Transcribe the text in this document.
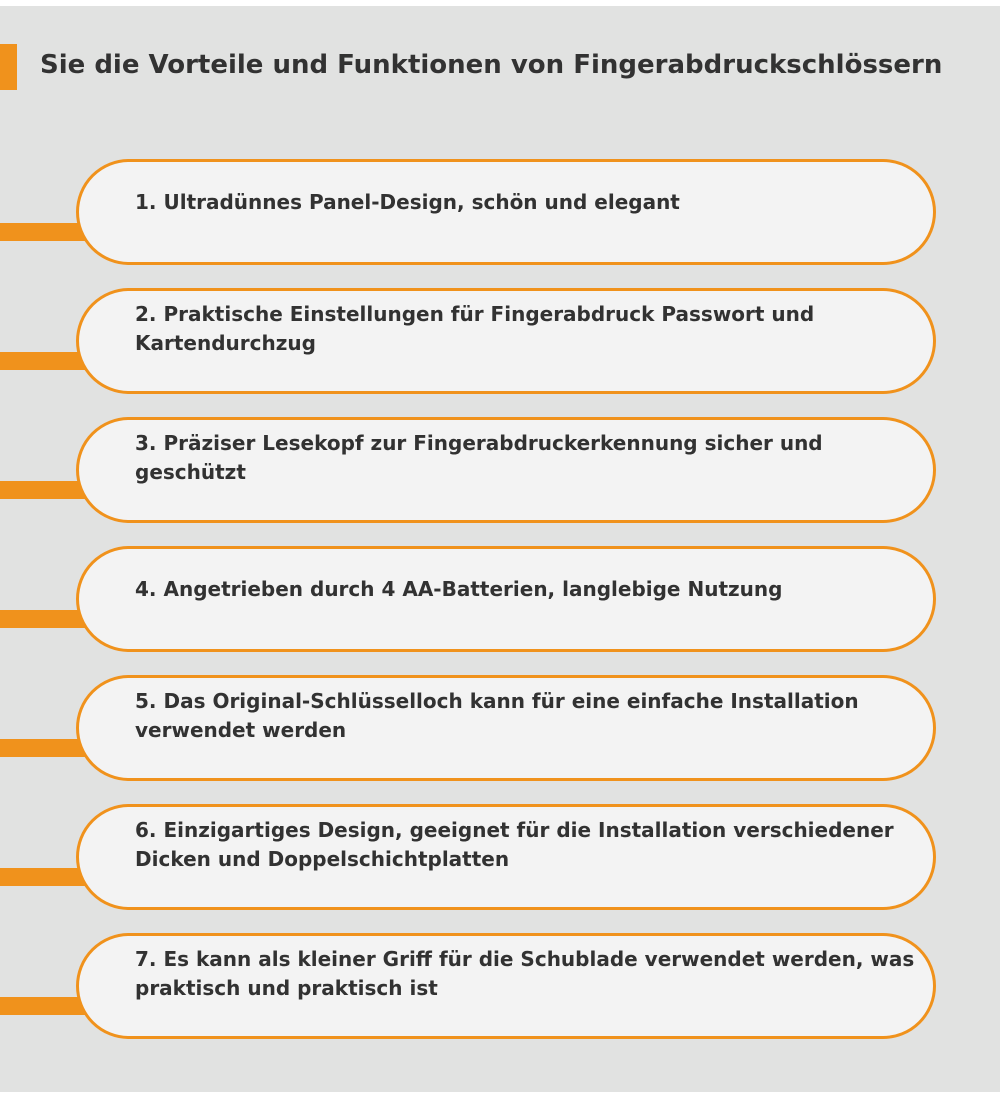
Sie die Vorteile und Funktionen von Fingerabdruckschlössern
1. Ultradünnes Panel-Design, schön und elegant
2. Praktische Einstellungen für Fingerabdruck Passwort und
Kartendurchzug
3. Präziser Lesekopf zur Fingerabdruckerkennung sicher und
geschützt
4. Angetrieben durch 4 AA-Batterien, langlebige Nutzung
5. Das Original-Schlüsselloch kann für eine einfache Installation
verwendet werden
6. Einzigartiges Design, geeignet für die Installation verschiedener
Dicken und Doppelschichtplatten
7. Es kann als kleiner Griff für die Schublade verwendet werden, was
praktisch und praktisch ist
